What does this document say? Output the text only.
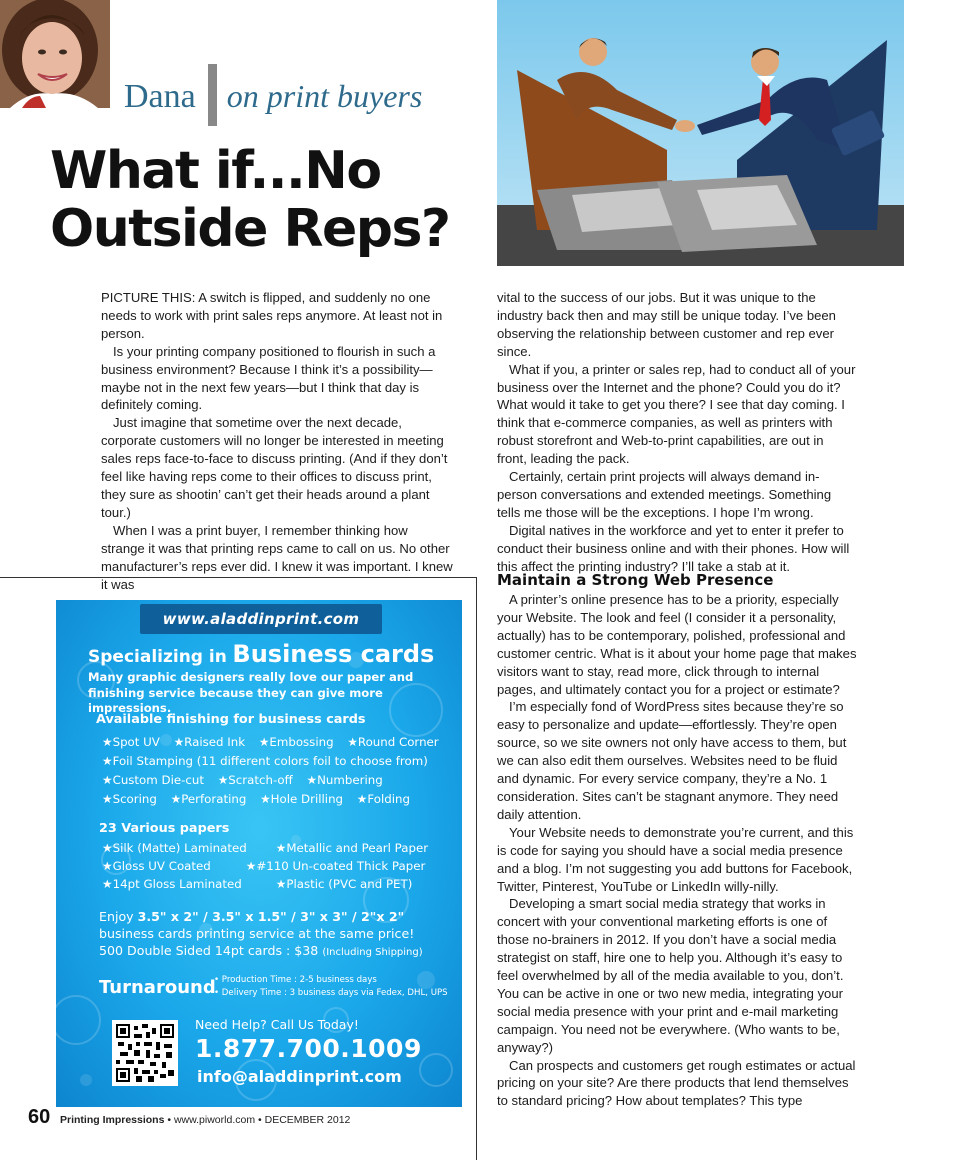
Dana on print buyers
What if...No Outside Reps?

PICTURE THIS: A switch is flipped, and suddenly no one needs to work with print sales reps anymore. At least not in person.

Is your printing company positioned to flourish in such a business environment? Because I think it’s a possibility—maybe not in the next few years—but I think that day is definitely coming.

Just imagine that sometime over the next decade, corporate customers will no longer be interested in meeting sales reps face-to-face to discuss printing. (And if they don’t feel like having reps come to their offices to discuss print, they sure as shootin’ can’t get their heads around a plant tour.)

When I was a print buyer, I remember thinking how strange it was that printing reps came to call on us. No other manufacturer’s reps ever did. I knew it was important. I knew it was

vital to the success of our jobs. But it was unique to the industry back then and may still be unique today. I’ve been observing the relationship between customer and rep ever since.

What if you, a printer or sales rep, had to conduct all of your business over the Internet and the phone? Could you do it? What would it take to get you there? I see that day coming. I think that e-commerce companies, as well as printers with robust storefront and Web-to-print capabilities, are out in front, leading the pack.

Certainly, certain print projects will always demand in-person conversations and extended meetings. Something tells me those will be the exceptions. I hope I’m wrong.

Digital natives in the workforce and yet to enter it prefer to conduct their business online and with their phones. How will this affect the printing industry? I’ll take a stab at it.

Maintain a Strong Web Presence

A printer’s online presence has to be a priority, especially your Website. The look and feel (I consider it a personality, actually) has to be contemporary, polished, professional and customer centric. What is it about your home page that makes visitors want to stay, read more, click through to internal pages, and ultimately contact you for a project or estimate?

I’m especially fond of WordPress sites because they’re so easy to personalize and update—effortlessly. They’re open source, so we site owners not only have access to them, but we can also edit them ourselves. Websites need to be fluid and dynamic. For every service company, they’re a No. 1 consideration. Sites can’t be stagnant anymore. They need daily attention.

Your Website needs to demonstrate you’re current, and this is code for saying you should have a social media presence and a blog. I’m not suggesting you add buttons for Facebook, Twitter, Pinterest, YouTube or LinkedIn willy-nilly.

Developing a smart social media strategy that works in concert with your conventional marketing efforts is one of those no-brainers in 2012. If you don’t have a social media strategist on staff, hire one to help you. Although it’s easy to feel overwhelmed by all of the media available to you, don’t. You can be active in one or two new media, integrating your social media presence with your print and e-mail marketing campaign. You need not be everywhere. (Who wants to be, anyway?)

Can prospects and customers get rough estimates or actual pricing on your site? Are there products that lend themselves to standard pricing? How about templates? This type

www.aladdinprint.com
Specializing in Business cards
Many graphic designers really love our paper and finishing service because they can give more impressions.
Available finishing for business cards
★Spot UV ★Raised Ink ★Embossing ★Round Corner
★Foil Stamping (11 different colors foil to choose from)
★Custom Die-cut ★Scratch-off ★Numbering
★Scoring ★Perforating ★Hole Drilling ★Folding
23 Various papers
★Silk (Matte) Laminated ★Metallic and Pearl Paper
★Gloss UV Coated	★#110 Un-coated Thick Paper
★14pt Gloss Laminated	★Plastic (PVC and PET)
Enjoy 3.5" x 2" / 3.5" x 1.5" / 3" x 3" / 2"x 2"
business cards printing service at the same price!
500 Double Sided 14pt cards : $38 (Including Shipping)
Turnaround
• Production Time : 2-5 business days
• Delivery Time : 3 business days via Fedex, DHL, UPS
Need Help? Call Us Today!
1.877.700.1009
info@aladdinprint.com
60 Printing Impressions • www.piworld.com • DECEMBER 2012
